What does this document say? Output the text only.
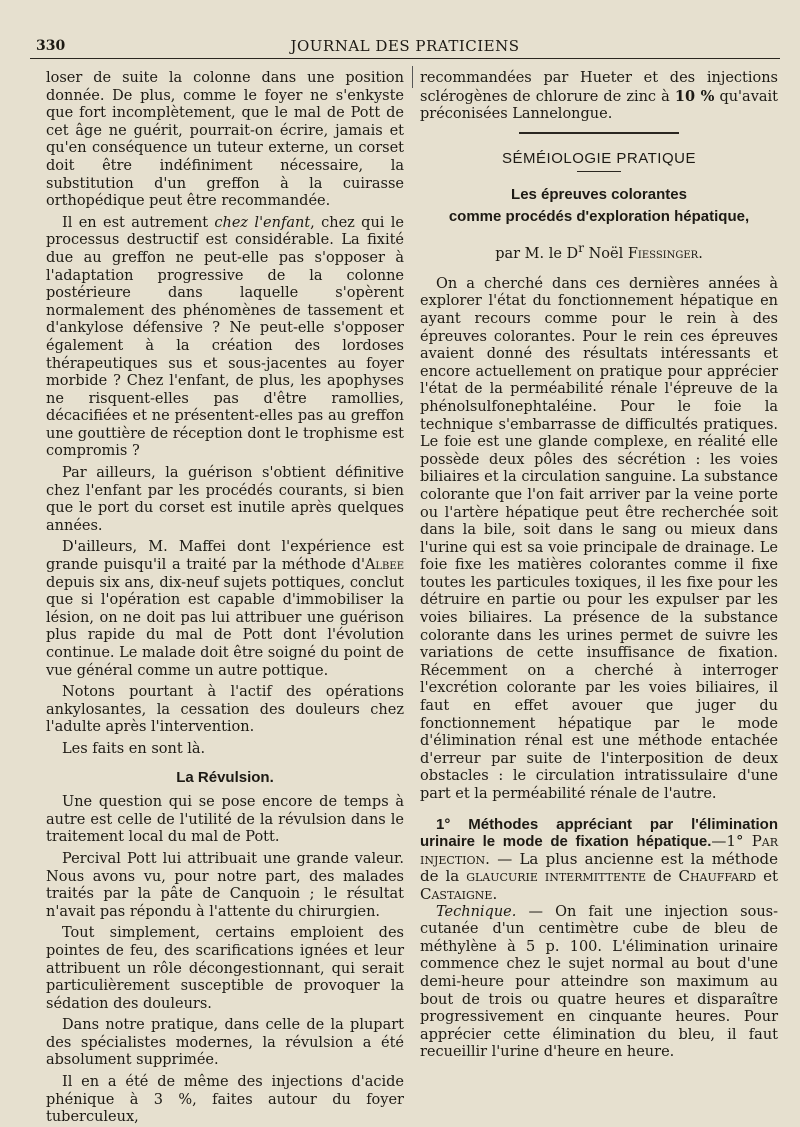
330	JOURNAL DES PRATICIENS

loser de suite la colonne dans une position donnée. De plus, comme le foyer ne s'enkyste que fort incomplètement, que le mal de Pott de cet âge ne guérit, pourrait-on écrire, jamais et qu'en conséquence un tuteur externe, un corset doit être indéfiniment nécessaire, la substitution d'un greffon à la cuirasse orthopédique peut être recommandée.

Il en est autrement chez l'enfant, chez qui le processus destructif est considérable. La fixité due au greffon ne peut-elle pas s'opposer à l'adaptation progressive de la colonne postérieure dans laquelle s'opèrent normalement des phénomènes de tassement et d'ankylose défensive ? Ne peut-elle s'opposer également à la création des lordoses thérapeutiques sus et sous-jacentes au foyer morbide ? Chez l'enfant, de plus, les apophyses ne risquent-elles pas d'être ramollies, décacifiées et ne présentent-elles pas au greffon une gouttière de réception dont le trophisme est compromis ?

Par ailleurs, la guérison s'obtient définitive chez l'enfant par les procédés courants, si bien que le port du corset est inutile après quelques années.

D'ailleurs, M. Maffei dont l'expérience est grande puisqu'il a traité par la méthode d'Albee depuis six ans, dix-neuf sujets pottiques, conclut que si l'opération est capable d'immobiliser la lésion, on ne doit pas lui attribuer une guérison plus rapide du mal de Pott dont l'évolution continue. Le malade doit être soigné du point de vue général comme un autre pottique.

Notons pourtant à l'actif des opérations ankylosantes, la cessation des douleurs chez l'adulte après l'intervention.

Les faits en sont là.

La Révulsion.

Une question qui se pose encore de temps à autre est celle de l'utilité de la révulsion dans le traitement local du mal de Pott.

Percival Pott lui attribuait une grande valeur. Nous avons vu, pour notre part, des malades traités par la pâte de Canquoin ; le résultat n'avait pas répondu à l'attente du chirurgien.

Tout simplement, certains emploient des pointes de feu, des scarifications ignées et leur attribuent un rôle décongestionnant, qui serait particulièrement susceptible de provoquer la sédation des douleurs.

Dans notre pratique, dans celle de la plupart des spécialistes modernes, la révulsion a été absolument supprimée.

Il en a été de même des injections d'acide phénique à 3 %, faites autour du foyer tuberculeux,

recommandées par Hueter et des injections sclérogènes de chlorure de zinc à 10 % qu'avait préconisées Lannelongue.

SÉMÉIOLOGIE PRATIQUE
Les épreuves colorantes
comme procédés d'exploration hépatique,
par M. le $D^r$ Noël Fiessinger.

On a cherché dans ces dernières années à explorer l'état du fonctionnement hépatique en ayant recours comme pour le rein à des épreuves colorantes. Pour le rein ces épreuves avaient donné des résultats intéressants et encore actuellement on pratique pour apprécier l'état de la perméabilité rénale l'épreuve de la phénolsulfonephtaléine. Pour le foie la technique s'embarrasse de difficultés pratiques. Le foie est une glande complexe, en réalité elle possède deux pôles des sécrétion : les voies biliaires et la circulation sanguine. La substance colorante que l'on fait arriver par la veine porte ou l'artère hépatique peut être recherchée soit dans la bile, soit dans le sang ou mieux dans l'urine qui est sa voie principale de drainage. Le foie fixe les matières colorantes comme il fixe toutes les particules toxiques, il les fixe pour les détruire en partie ou pour les expulser par les voies biliaires. La présence de la substance colorante dans les urines permet de suivre les variations de cette insuffisance de fixation. Récemment on a cherché à interroger l'excrétion colorante par les voies biliaires, il faut en effet avouer que juger du fonctionnement hépatique par le mode d'élimination rénal est une méthode entachée d'erreur par suite de l'interposition de deux obstacles : le circulation intratissulaire d'une part et la perméabilité rénale de l'autre.

1° Méthodes appréciant par l'élimination urinaire le mode de fixation hépatique.—1° Par injection. — La plus ancienne est la méthode de la glaucurie intermittente de Chauffard et Castaigne.

Technique. — On fait une injection sous-cutanée d'un centimètre cube de bleu de méthylène à 5 p. 100. L'élimination urinaire commence chez le sujet normal au bout d'une demi-heure pour atteindre son maximum au bout de trois ou quatre heures et disparaître progressivement en cinquante heures. Pour apprécier cette élimination du bleu, il faut recueillir l'urine d'heure en heure.
